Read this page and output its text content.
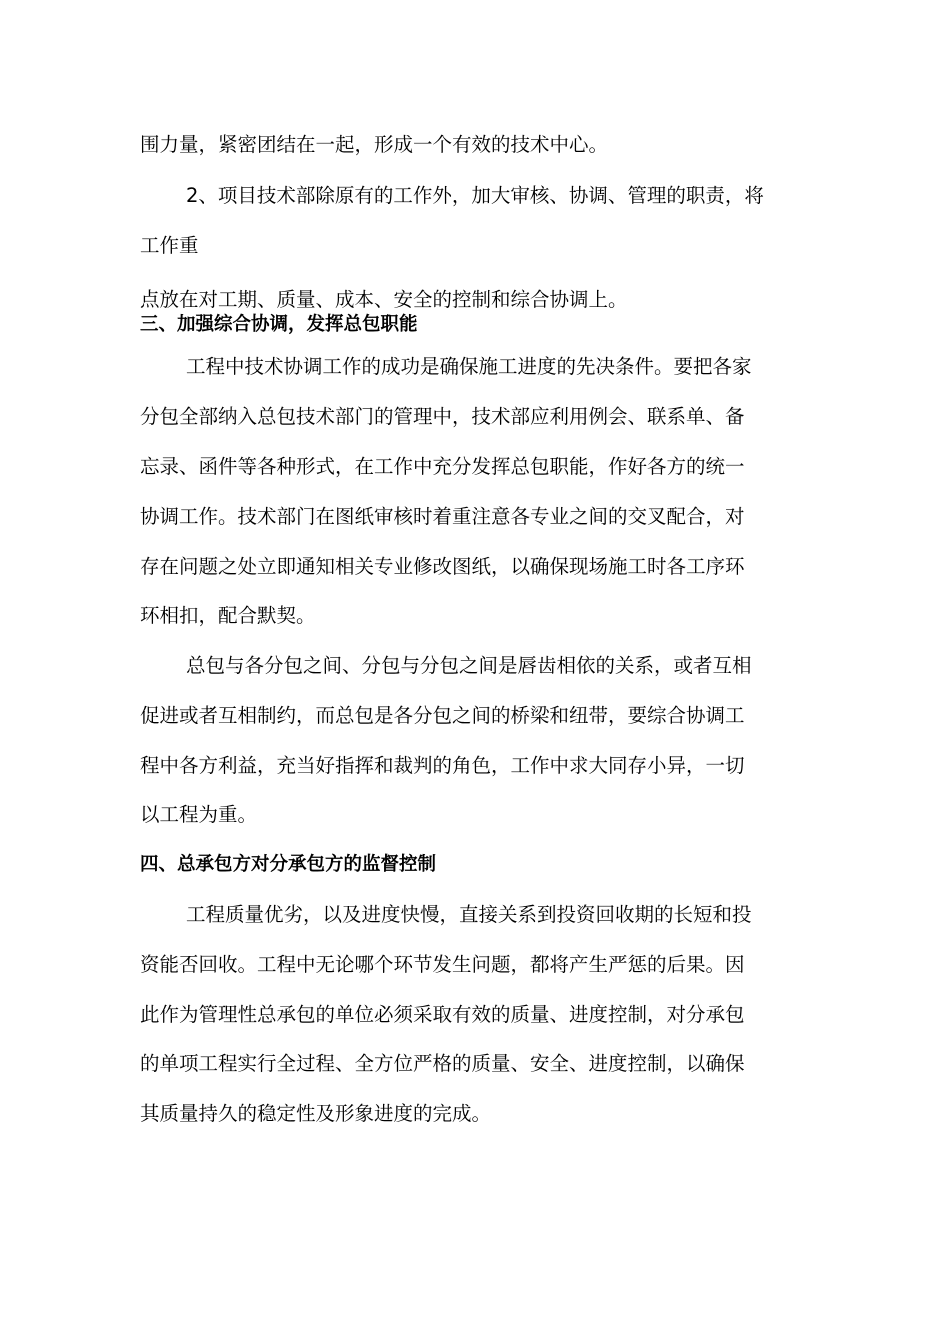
围力量，紧密团结在一起，形成一个有效的技术中心。

2、项目技术部除原有的工作外，加大审核、协调、管理的职责，将

工作重

点放在对工期、质量、成本、安全的控制和综合协调上。

三、加强综合协调，发挥总包职能

工程中技术协调工作的成功是确保施工进度的先决条件。要把各家

分包全部纳入总包技术部门的管理中，技术部应利用例会、联系单、备

忘录、函件等各种形式，在工作中充分发挥总包职能，作好各方的统一

协调工作。技术部门在图纸审核时着重注意各专业之间的交叉配合，对

存在问题之处立即通知相关专业修改图纸，以确保现场施工时各工序环

环相扣，配合默契。

总包与各分包之间、分包与分包之间是唇齿相依的关系，或者互相

促进或者互相制约，而总包是各分包之间的桥梁和纽带，要综合协调工

程中各方利益，充当好指挥和裁判的角色，工作中求大同存小异，一切

以工程为重。

四、总承包方对分承包方的监督控制

工程质量优劣，以及进度快慢，直接关系到投资回收期的长短和投

资能否回收。工程中无论哪个环节发生问题，都将产生严惩的后果。因

此作为管理性总承包的单位必须采取有效的质量、进度控制，对分承包

的单项工程实行全过程、全方位严格的质量、安全、进度控制，以确保

其质量持久的稳定性及形象进度的完成。
